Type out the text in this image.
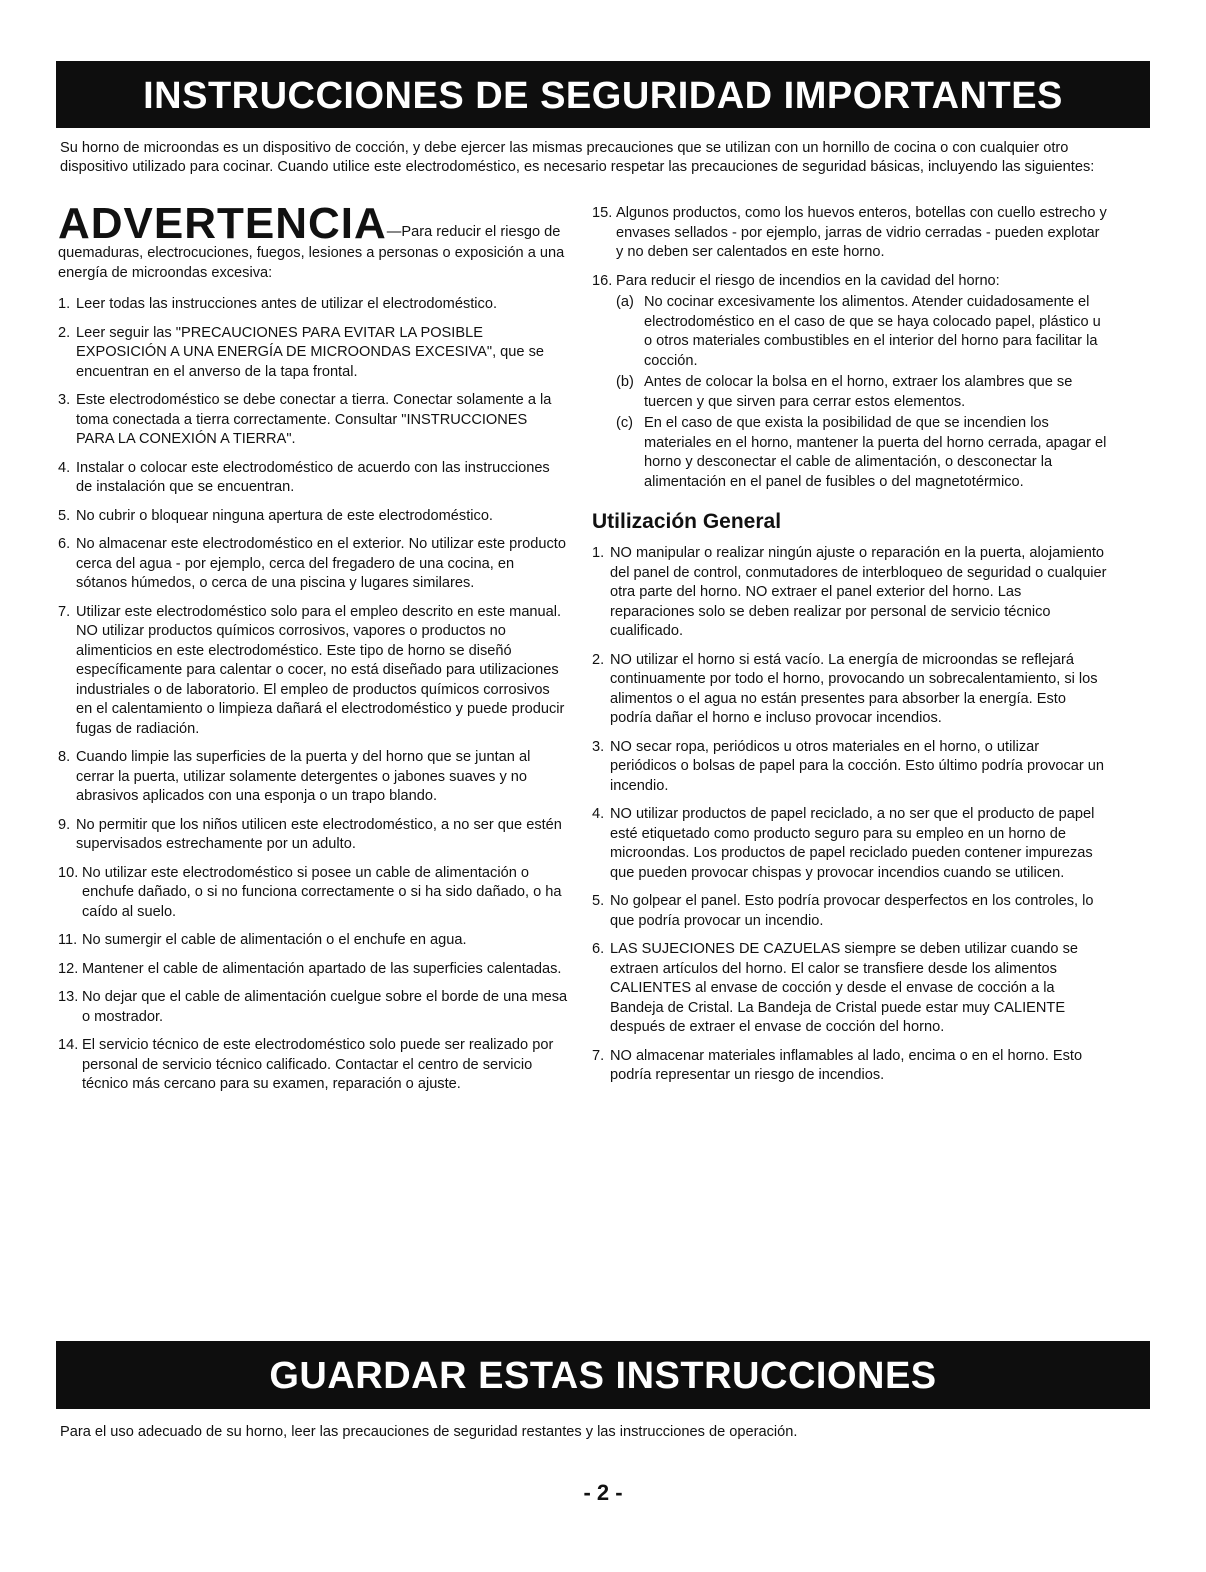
INSTRUCCIONES DE SEGURIDAD IMPORTANTES

Su horno de microondas es un dispositivo de cocción, y debe ejercer las mismas precauciones que se utilizan con un hornillo de cocina o con cualquier otro dispositivo utilizado para cocinar. Cuando utilice este electrodoméstico, es necesario respetar las precauciones de seguridad básicas, incluyendo las siguientes:

ADVERTENCIA—Para reducir el riesgo de quemaduras, electrocuciones, fuegos, lesiones a personas o exposición a una energía de microondas excesiva:

1. Leer todas las instrucciones antes de utilizar el electrodoméstico.
2. Leer seguir las "PRECAUCIONES PARA EVITAR LA POSIBLE EXPOSICIÓN A UNA ENERGÍA DE MICROONDAS EXCESIVA", que se encuentran en el anverso de la tapa frontal.
3. Este electrodoméstico se debe conectar a tierra. Conectar solamente a la toma conectada a tierra correctamente. Consultar "INSTRUCCIONES PARA LA CONEXIÓN A TIERRA".
4. Instalar o colocar este electrodoméstico de acuerdo con las instrucciones de instalación que se encuentran.
5. No cubrir o bloquear ninguna apertura de este electrodoméstico.
6. No almacenar este electrodoméstico en el exterior. No utilizar este producto cerca del agua - por ejemplo, cerca del fregadero de una cocina, en sótanos húmedos, o cerca de una piscina y lugares similares.
7. Utilizar este electrodoméstico solo para el empleo descrito en este manual. NO utilizar productos químicos corrosivos, vapores o productos no alimenticios en este electrodoméstico. Este tipo de horno se diseñó específicamente para calentar o cocer, no está diseñado para utilizaciones industriales o de laboratorio. El empleo de productos químicos corrosivos en el calentamiento o limpieza dañará el electrodoméstico y puede producir fugas de radiación.
8. Cuando limpie las superficies de la puerta y del horno que se juntan al cerrar la puerta, utilizar solamente detergentes o jabones suaves y no abrasivos aplicados con una esponja o un trapo blando.
9. No permitir que los niños utilicen este electrodoméstico, a no ser que estén supervisados estrechamente por un adulto.
10. No utilizar este electrodoméstico si posee un cable de alimentación o enchufe dañado, o si no funciona correctamente o si ha sido dañado, o ha caído al suelo.
11. No sumergir el cable de alimentación o el enchufe en agua.
12. Mantener el cable de alimentación apartado de las superficies calentadas.
13. No dejar que el cable de alimentación cuelgue sobre el borde de una mesa o mostrador.
14. El servicio técnico de este electrodoméstico solo puede ser realizado por personal de servicio técnico calificado. Contactar el centro de servicio técnico más cercano para su examen, reparación o ajuste.
15. Algunos productos, como los huevos enteros, botellas con cuello estrecho y envases sellados - por ejemplo, jarras de vidrio cerradas - pueden explotar y no deben ser calentados en este horno.
16. Para reducir el riesgo de incendios en la cavidad del horno:
(a) No cocinar excesivamente los alimentos. Atender cuidadosamente el electrodoméstico en el caso de que se haya colocado papel, plástico u o otros materiales combustibles en el interior del horno para facilitar la cocción.
(b) Antes de colocar la bolsa en el horno, extraer los alambres que se tuercen y que sirven para cerrar estos elementos.
(c) En el caso de que exista la posibilidad de que se incendien los materiales en el horno, mantener la puerta del horno cerrada, apagar el horno y desconectar el cable de alimentación, o desconectar la alimentación en el panel de fusibles o del magnetotérmico.
Utilización General
1. NO manipular o realizar ningún ajuste o reparación en la puerta, alojamiento del panel de control, conmutadores de interbloqueo de seguridad o cualquier otra parte del horno. NO extraer el panel exterior del horno. Las reparaciones solo se deben realizar por personal de servicio técnico cualificado.
2. NO utilizar el horno si está vacío. La energía de microondas se reflejará continuamente por todo el horno, provocando un sobrecalentamiento, si los alimentos o el agua no están presentes para absorber la energía. Esto podría dañar el horno e incluso provocar incendios.
3. NO secar ropa, periódicos u otros materiales en el horno, o utilizar periódicos o bolsas de papel para la cocción. Esto último podría provocar un incendio.
4. NO utilizar productos de papel reciclado, a no ser que el producto de papel esté etiquetado como producto seguro para su empleo en un horno de microondas. Los productos de papel reciclado pueden contener impurezas que pueden provocar chispas y provocar incendios cuando se utilicen.
5. No golpear el panel. Esto podría provocar desperfectos en los controles, lo que podría provocar un incendio.
6. LAS SUJECIONES DE CAZUELAS siempre se deben utilizar cuando se extraen artículos del horno. El calor se transfiere desde los alimentos CALIENTES al envase de cocción y desde el envase de cocción a la Bandeja de Cristal. La Bandeja de Cristal puede estar muy CALIENTE después de extraer el envase de cocción del horno.
7. NO almacenar materiales inflamables al lado, encima o en el horno. Esto podría representar un riesgo de incendios.
GUARDAR ESTAS INSTRUCCIONES

Para el uso adecuado de su horno, leer las precauciones de seguridad restantes y las instrucciones de operación.

- 2 -
